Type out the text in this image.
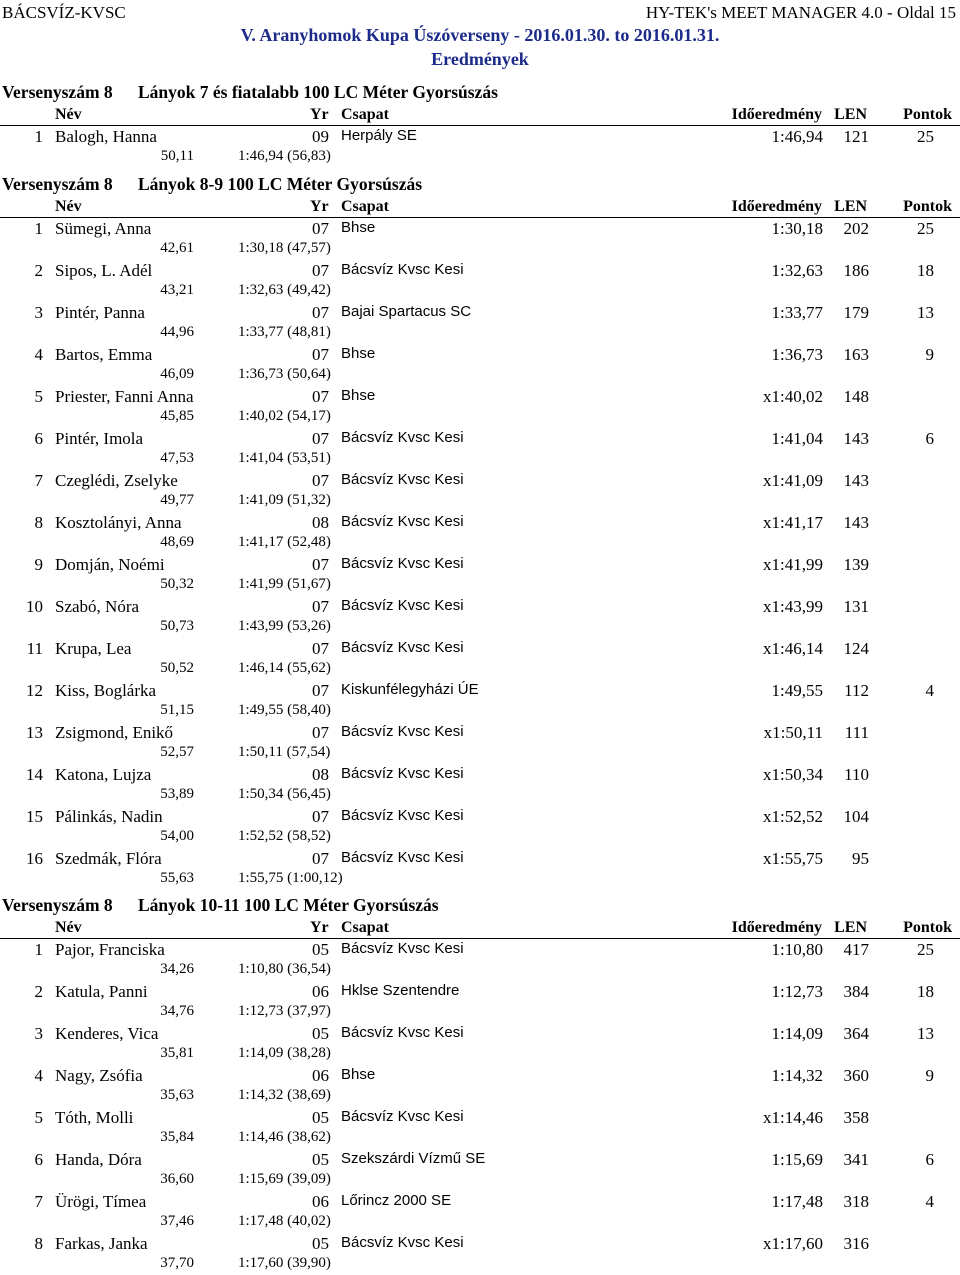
BÁCSVÍZ-KVSC	HY-TEK's MEET MANAGER 4.0 - Oldal 15
V. Aranyhomok Kupa Úszóverseny - 2016.01.30. to 2016.01.31.
Eredmények
Versenyszám 8 Lányok 7 és fiatalabb 100 LC Méter Gyorsúszás
Név	Yr Csapat	Időeredmény LEN Pontok
1 Balogh, Hanna	09 Herpály SE	1:46,94 121	25
50,11	1:46,94 (56,83)
Versenyszám 8 Lányok 8-9 100 LC Méter Gyorsúszás
Név	Yr Csapat	Időeredmény LEN Pontok
1 Sümegi, Anna	07 Bhse	1:30,18 202	25
42,61	1:30,18 (47,57)
2 Sipos, L. Adél	07 Bácsvíz Kvsc Kesi	1:32,63 186	18
43,21	1:32,63 (49,42)
3 Pintér, Panna	07 Bajai Spartacus SC	1:33,77 179	13
44,96	1:33,77 (48,81)
4 Bartos, Emma	07 Bhse	1:36,73 163	9
46,09	1:36,73 (50,64)
5 Priester, Fanni Anna	07 Bhse	x1:40,02 148
45,85	1:40,02 (54,17)
6 Pintér, Imola	07 Bácsvíz Kvsc Kesi	1:41,04 143	6
47,53	1:41,04 (53,51)
7 Czeglédi, Zselyke	07 Bácsvíz Kvsc Kesi	x1:41,09 143
49,77	1:41,09 (51,32)
8 Kosztolányi, Anna	08 Bácsvíz Kvsc Kesi	x1:41,17 143
48,69	1:41,17 (52,48)
9 Domján, Noémi	07 Bácsvíz Kvsc Kesi	x1:41,99 139
50,32	1:41,99 (51,67)
10 Szabó, Nóra	07 Bácsvíz Kvsc Kesi	x1:43,99 131
50,73	1:43,99 (53,26)
11 Krupa, Lea	07 Bácsvíz Kvsc Kesi	x1:46,14 124
50,52	1:46,14 (55,62)
12 Kiss, Boglárka	07 Kiskunfélegyházi ÚE	1:49,55 112	4
51,15	1:49,55 (58,40)
13 Zsigmond, Enikő	07 Bácsvíz Kvsc Kesi	x1:50,11 111
52,57	1:50,11 (57,54)
14 Katona, Lujza	08 Bácsvíz Kvsc Kesi	x1:50,34 110
53,89	1:50,34 (56,45)
15 Pálinkás, Nadin	07 Bácsvíz Kvsc Kesi	x1:52,52 104
54,00	1:52,52 (58,52)
16 Szedmák, Flóra	07 Bácsvíz Kvsc Kesi	x1:55,75 95
55,63	1:55,75 (1:00,12)
Versenyszám 8 Lányok 10-11 100 LC Méter Gyorsúszás
Név	Yr Csapat	Időeredmény LEN Pontok
1 Pajor, Franciska	05 Bácsvíz Kvsc Kesi	1:10,80 417	25
34,26	1:10,80 (36,54)
2 Katula, Panni	06 Hklse Szentendre	1:12,73 384	18
34,76	1:12,73 (37,97)
3 Kenderes, Vica	05 Bácsvíz Kvsc Kesi	1:14,09 364	13
35,81	1:14,09 (38,28)
4 Nagy, Zsófia	06 Bhse	1:14,32 360	9
35,63	1:14,32 (38,69)
5 Tóth, Molli	05 Bácsvíz Kvsc Kesi	x1:14,46 358
35,84	1:14,46 (38,62)
6 Handa, Dóra	05 Szekszárdi Vízmű SE	1:15,69 341	6
36,60	1:15,69 (39,09)
7 Ürögi, Tímea	06 Lőrincz 2000 SE	1:17,48 318	4
37,46	1:17,48 (40,02)
8 Farkas, Janka	05 Bácsvíz Kvsc Kesi	x1:17,60 316
37,70	1:17,60 (39,90)
